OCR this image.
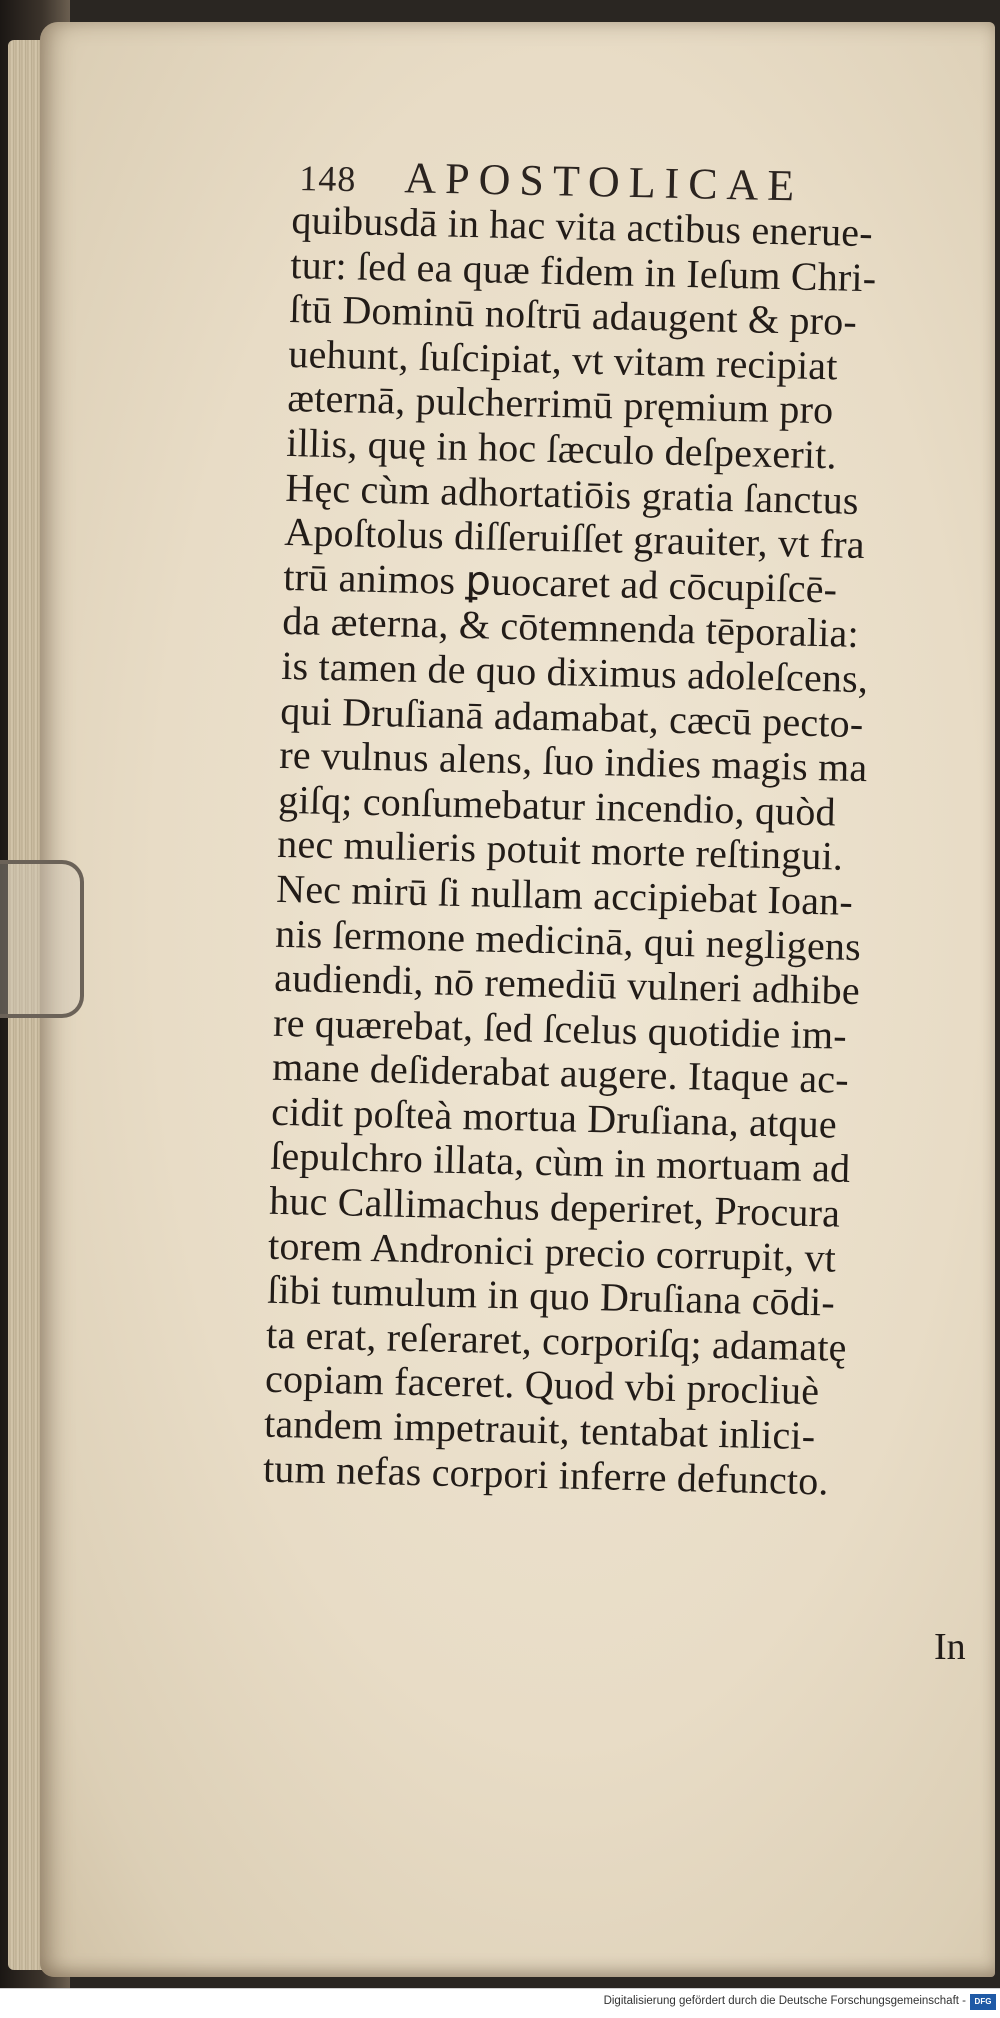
148 APOSTOLICAE
quibusdā in hac vita actibus enerue-
tur: ſed ea quæ fidem in Ieſum Chri-
ſtū Dominū noſtrū adaugent & pro-
uehunt, ſuſcipiat, vt vitam recipiat
æternā, pulcherrimū pręmium pro
illis, quę in hoc ſæculo deſpexerit.
Hęc cùm adhortatiōis gratia ſanctus
Apoſtolus diſſeruiſſet grauiter, vt fra
trū animos ꝑuocaret ad cōcupiſcē-
da æterna, & cōtemnenda tēporalia:
is tamen de quo diximus adoleſcens,
qui Druſianā adamabat, cæcū pecto-
re vulnus alens, ſuo indies magis ma
giſq; conſumebatur incendio, quòd
nec mulieris potuit morte reſtingui.
Nec mirū ſi nullam accipiebat Ioan-
nis ſermone medicinā, qui negligens
audiendi, nō remediū vulneri adhibe
re quærebat, ſed ſcelus quotidie im-
mane deſiderabat augere. Itaque ac-
cidit poſteà mortua Druſiana, atque
ſepulchro illata, cùm in mortuam ad
huc Callimachus deperiret, Procura
torem Andronici precio corrupit, vt
ſibi tumulum in quo Druſiana cōdi-
ta erat, reſeraret, corporiſq; adamatę
copiam faceret. Quod vbi procliuè
tandem impetrauit, tentabat inlici-
tum nefas corpori inferre defuncto.
In
Digitalisierung gefördert durch die Deutsche Forschungsgemeinschaft -	DFG
